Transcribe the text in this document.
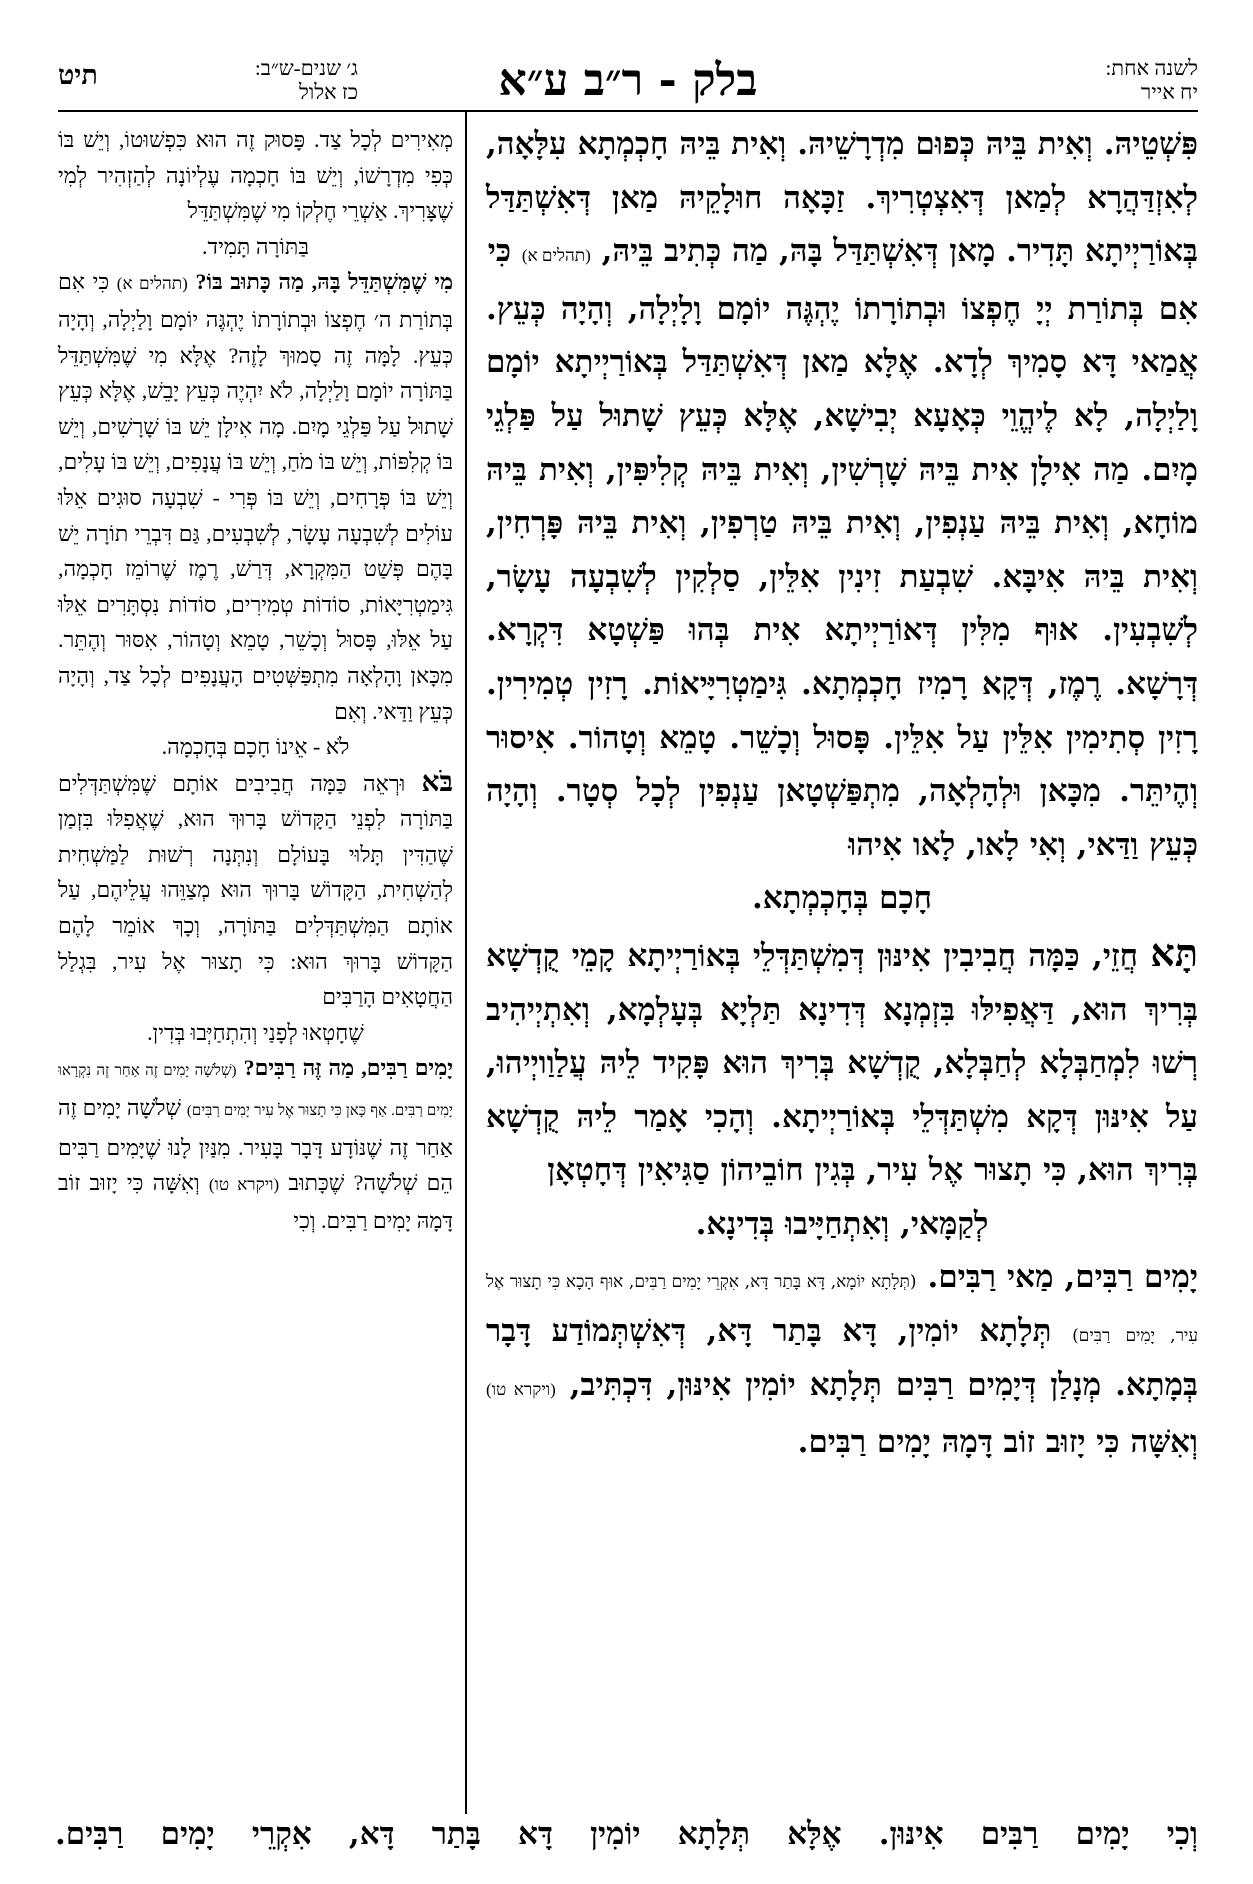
לשנה אחת:
יח אייר
בלק - ר״ב ע״א
ג׳ שנים-ש״ב:
כז אלול
תיט

פִּשְׁטֵיהּ. וְאִית בֵּיהּ כְּפוּם מִדְרָשֵׁיהּ. וְאִית בֵּיהּ חָכְמְתָא עִלָּאָה, לְאִזְדַּהֲרָא לְמַאן דְּאִצְטְרִיךְ. זַכָּאָה חוּלָקֵיהּ מַאן דְּאִשְׁתַּדַּל בְּאוֹרַיְיתָא תָּדִיר. מָאן דְּאִשְׁתַּדַּל בָּהּ, מַה כְּתִיב בֵּיהּ, (תהלים א) כִּי

אִם בְּתוֹרַת יְיָ חֶפְצוֹ וּבְתוֹרָתוֹ יֶהְגֶּה יוֹמָם וָלָיְלָה, וְהָיָה כְּעֵץ. אֲמַאי דָּא סָמִיךְ לְדָא. אֶלָּא מַאן דְּאִשְׁתַּדַּל בְּאוֹרַיְיתָא יוֹמָם וָלַיְלָה, לָא לֶיהֱוֵי כְּאָעָא יְבִישָׁא, אֶלָּא כְּעֵץ שָׁתוּל עַל פַּלְגֵי מָיִם. מַה אִילָן אִית בֵּיהּ שָׁרְשִׁין, וְאִית בֵּיהּ קְלִיפִּין, וְאִית בֵּיהּ מוֹחָא, וְאִית בֵּיהּ עַנְפִין, וְאִית בֵּיהּ טַרְפִין, וְאִית בֵּיהּ פָּרְחִין, וְאִית בֵּיהּ אִיבָּא. שִׁבְעַת זִינִין אִלֵּין, סַלְקִין לְשִׁבְעָה עָשָׂר, לְשִׁבְעִין. אוּף מִלִּין דְּאוֹרַיְיתָא אִית בְּהוּ פַּשְׁטָא דִּקְרָא. דְּרָשָׁא. רֶמֶז, דְּקָא רָמִיז חָכְמְתָא. גִּימַטְרִיָּיאוֹת. רָזִין טְמִירִין. רָזִין סְתִימִין אִלֵּין עַל אִלֵּין. פָּסוּל וְכָשֵׁר. טָמֵא וְטָהוֹר. אִיסוּר וְהֶיתֵּר. מִכָּאן וּלְהָלְאָה, מִתְפַּשְׁטָאן עַנְפִין לְכָל סְטָר. וְהָיָה כְּעֵץ וַדַּאי, וְאִי לָאו, לָאו אִיהוּ

חָכָם בְּחָכְמְתָא.

תָּא חֲזֵי, כַּמָּה חֲבִיבִין אִינּוּן דְּמִשְׁתַּדְּלֵי בְּאוֹרַיְיתָא קָמֵי קֻדְשָׁא בְּרִיךְ הוּא, דַּאֲפִילּוּ בִּזְמְנָא דְּדִינָא תַּלְיָא בְּעָלְמָא, וְאִתְיְיהִיב רְשׁוּ לִמְחַבְּלָא לְחַבְּלָא, קֻדְשָׁא בְּרִיךְ הוּא פָּקִיד לֵיהּ עֲלַוַויְיהוּ, עַל אִינּוּן דְּקָא מִשְׁתַּדְּלֵי בְּאוֹרַיְיתָא. וְהָכִי אָמַר לֵיהּ קֻדְשָׁא בְּרִיךְ הוּא, כִּי תָצוּר אֶל עִיר, בְּגִין חוֹבֵיהוֹן סַגִּיאִין דְּחָטְאָן

לְקַמָּאי, וְאִתְחַיָּיבוּ בְּדִינָא.

יָמִים רַבִּים, מַאי רַבִּים. (תְּלָתָא יוֹמָא, דָּא בָּתַר דָּא, אִקְרֵי יָמִים רַבִּים, אוּף הָכָא כִּי תָצוּר אֶל עִיר, יָמִים רַבִּים) תְּלָתָא יוֹמִין, דָּא בָּתַר דָּא, דְּאִשְׁתְּמוֹדַע דָּבָר בְּמָתָא. מְנָלַן דְּיָמִים רַבִּים תְּלָתָא יוֹמִין אִינּוּן, דִּכְתִּיב, (ויקרא טו) וְאִשָּׁה כִּי יָזוּב זוֹב דָּמָהּ יָמִים רַבִּים.

מְאִירִים לְכָל צַד. פָּסוּק זֶה הוּא כִּפְשׁוּטוֹ, וְיֵשׁ בּוֹ כְּפִי מִדְרָשׁוֹ, וְיֵשׁ בּוֹ חָכְמָה עֶלְיוֹנָה לְהַזְהִיר לְמִי שֶׁצָּרִיךְ. אַשְׁרֵי חֶלְקוֹ מִי שֶׁמִּשְׁתַּדֵּל

בַּתּוֹרָה תָּמִיד.

מִי שֶׁמִּשְׁתַּדֵּל בָּהּ, מַה כָּתוּב בּוֹ? (תהלים א) כִּי אִם בְּתוֹרַת ה׳ חֶפְצוֹ וּבְתוֹרָתוֹ יֶהְגֶּה יוֹמָם וָלַיְלָה, וְהָיָה כְּעֵץ. לָמָּה זֶה סָמוּךְ לָזֶה? אֶלָּא מִי שֶׁמִּשְׁתַּדֵּל בַּתּוֹרָה יוֹמָם וָלַיְלָה, לֹא יִהְיֶה כְּעֵץ יָבֵשׁ, אֶלָּא כְּעֵץ שָׁתוּל עַל פַּלְגֵי מָיִם. מָה אִילָן יֵשׁ בּוֹ שָׁרָשִׁים, וְיֵשׁ בּוֹ קְלִפּוֹת, וְיֵשׁ בּוֹ מֹחַ, וְיֵשׁ בּוֹ עֲנָפִים, וְיֵשׁ בּוֹ עָלִים, וְיֵשׁ בּוֹ פְּרָחִים, וְיֵשׁ בּוֹ פְּרִי - שִׁבְעָה סוּגִים אֵלּוּ עוֹלִים לְשִׁבְעָה עָשָׂר, לְשִׁבְעִים, גַּם דִּבְרֵי תוֹרָה יֵשׁ בָּהֶם פְּשַׁט הַמִּקְרָא, דְּרַשׁ, רֶמֶז שֶׁרוֹמֵז חָכְמָה, גִּימַטְרִיָּאוֹת, סוֹדוֹת טְמִירִים, סוֹדוֹת נִסְתָּרִים אֵלּוּ עַל אֵלּוּ, פָּסוּל וְכָשֵׁר, טָמֵא וְטָהוֹר, אִסּוּר וְהֶתֵּר. מִכָּאן וָהָלְאָה מִתְפַּשְּׁטִים הָעֲנָפִים לְכָל צַד, וְהָיָה כְּעֵץ וַדַּאי. וְאִם

לֹא - אֵינוֹ חָכָם בְּחָכְמָה.

בֹּא וּרְאֵה כַּמָּה חֲבִיבִים אוֹתָם שֶׁמִּשְׁתַּדְּלִים בַּתּוֹרָה לִפְנֵי הַקָּדוֹשׁ בָּרוּךְ הוּא, שֶׁאֲפִלּוּ בִּזְמַן שֶׁהַדִּין תָּלוּי בָּעוֹלָם וְנִתְּנָה רְשׁוּת לַמַּשְׁחִית לְהַשְׁחִית, הַקָּדוֹשׁ בָּרוּךְ הוּא מְצַוֵּהוּ עֲלֵיהֶם, עַל אוֹתָם הַמִּשְׁתַּדְּלִים בַּתּוֹרָה, וְכָךְ אוֹמֵר לָהֶם הַקָּדוֹשׁ בָּרוּךְ הוּא: כִּי תָצוּר אֶל עִיר, בִּגְלַל הַחֲטָאִים הָרַבִּים

שֶׁחָטְאוּ לְפָנַי וְהִתְחַיְּבוּ בְּדִין.

יָמִים רַבִּים, מַה זֶּה רַבִּים? (שְׁלֹשָׁה יָמִים זֶה אַחַר זֶה נִקְרָאוּ יָמִים רַבִּים. אַף כָּאן כִּי תָצוּר אֶל עִיר יָמִים רַבִּים) שְׁלֹשָׁה יָמִים זֶה אַחַר זֶה שֶׁנּוֹדָע דָּבָר בָּעִיר. מִנַּיִן לָנוּ שֶׁיָּמִים רַבִּים הֵם שְׁלֹשָׁה? שֶׁכָּתוּב (ויקרא טו) וְאִשָּׁה כִּי יָזוּב זוֹב דָּמָהּ יָמִים רַבִּים. וְכִי

וְכִי יָמִים רַבִּים אִינּוּן. אֶלָּא תְּלָתָא יוֹמִין דָּא בָּתַר דָּא, אִקְרֵי יָמִים רַבִּים.
